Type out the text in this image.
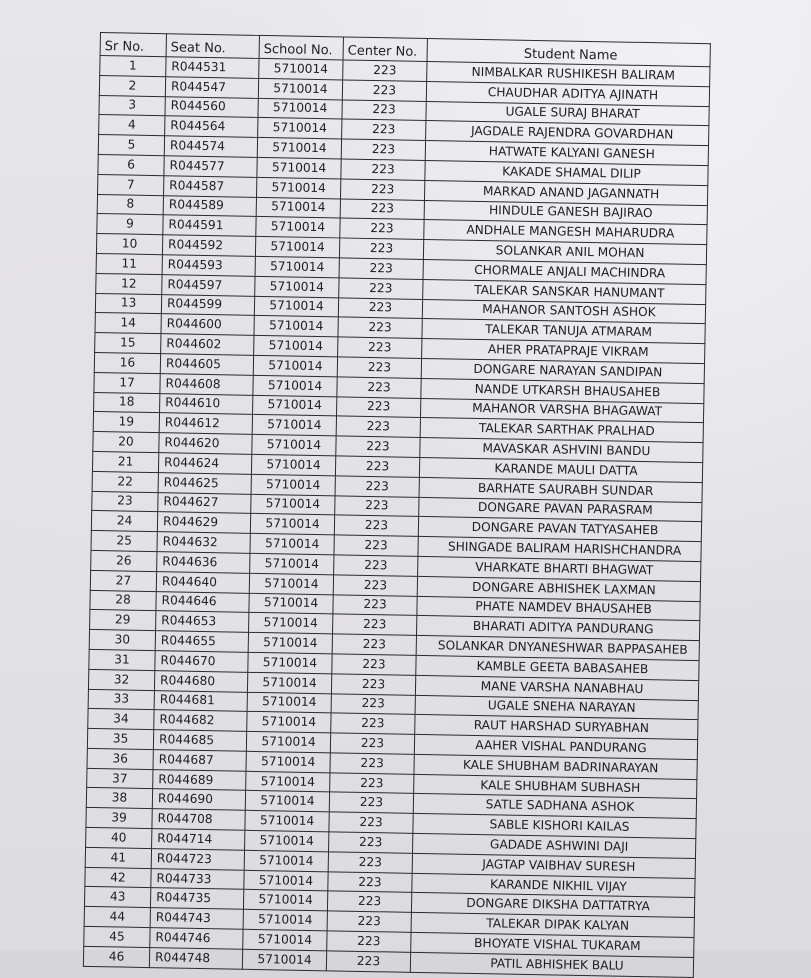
Sr No.	Seat No.	School No.	Center No.	Student Name
1	R044531	5710014	223	NIMBALKAR RUSHIKESH BALIRAM
2	R044547	5710014	223	CHAUDHAR ADITYA AJINATH
3	R044560	5710014	223	UGALE SURAJ BHARAT
4	R044564	5710014	223	JAGDALE RAJENDRA GOVARDHAN
5	R044574	5710014	223	HATWATE KALYANI GANESH
6	R044577	5710014	223	KAKADE SHAMAL DILIP
7	R044587	5710014	223	MARKAD ANAND JAGANNATH
8	R044589	5710014	223	HINDULE GANESH BAJIRAO
9	R044591	5710014	223	ANDHALE MANGESH MAHARUDRA
10	R044592	5710014	223	SOLANKAR ANIL MOHAN
11	R044593	5710014	223	CHORMALE ANJALI MACHINDRA
12	R044597	5710014	223	TALEKAR SANSKAR HANUMANT
13	R044599	5710014	223	MAHANOR SANTOSH ASHOK
14	R044600	5710014	223	TALEKAR TANUJA ATMARAM
15	R044602	5710014	223	AHER PRATAPRAJE VIKRAM
16	R044605	5710014	223	DONGARE NARAYAN SANDIPAN
17	R044608	5710014	223	NANDE UTKARSH BHAUSAHEB
18	R044610	5710014	223	MAHANOR VARSHA BHAGAWAT
19	R044612	5710014	223	TALEKAR SARTHAK PRALHAD
20	R044620	5710014	223	MAVASKAR ASHVINI BANDU
21	R044624	5710014	223	KARANDE MAULI DATTA
22	R044625	5710014	223	BARHATE SAURABH SUNDAR
23	R044627	5710014	223	DONGARE PAVAN PARASRAM
24	R044629	5710014	223	DONGARE PAVAN TATYASAHEB
25	R044632	5710014	223	SHINGADE BALIRAM HARISHCHANDRA
26	R044636	5710014	223	VHARKATE BHARTI BHAGWAT
27	R044640	5710014	223	DONGARE ABHISHEK LAXMAN
28	R044646	5710014	223	PHATE NAMDEV BHAUSAHEB
29	R044653	5710014	223	BHARATI ADITYA PANDURANG
30	R044655	5710014	223	SOLANKAR DNYANESHWAR BAPPASAHEB
31	R044670	5710014	223	KAMBLE GEETA BABASAHEB
32	R044680	5710014	223	MANE VARSHA NANABHAU
33	R044681	5710014	223	UGALE SNEHA NARAYAN
34	R044682	5710014	223	RAUT HARSHAD SURYABHAN
35	R044685	5710014	223	AAHER VISHAL PANDURANG
36	R044687	5710014	223	KALE SHUBHAM BADRINARAYAN
37	R044689	5710014	223	KALE SHUBHAM SUBHASH
38	R044690	5710014	223	SATLE SADHANA ASHOK
39	R044708	5710014	223	SABLE KISHORI KAILAS
40	R044714	5710014	223	GADADE ASHWINI DAJI
41	R044723	5710014	223	JAGTAP VAIBHAV SURESH
42	R044733	5710014	223	KARANDE NIKHIL VIJAY
43	R044735	5710014	223	DONGARE DIKSHA DATTATRYA
44	R044743	5710014	223	TALEKAR DIPAK KALYAN
45	R044746	5710014	223	BHOYATE VISHAL TUKARAM
46	R044748	5710014	223	PATIL ABHISHEK BALU
